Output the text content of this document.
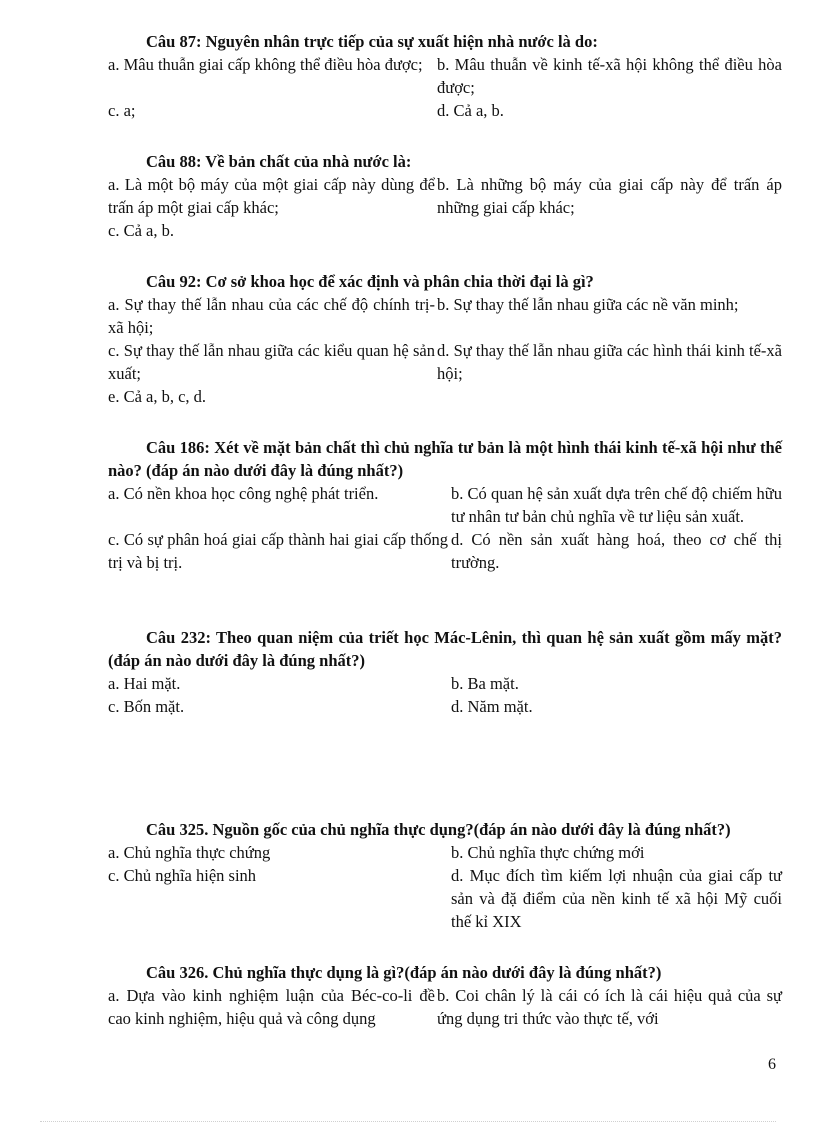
Câu 87: Nguyên nhân trực tiếp của sự xuất hiện nhà nước là do:
a. Mâu thuẫn giai cấp không thể điều hòa được; b. Mâu thuẫn về kinh tế-xã hội không thể điều hòa được;
c. a;	d. Cả a, b.
Câu 88: Về bản chất của nhà nước là:
a. Là một bộ máy của một giai cấp này dùng để trấn áp một giai cấp khác;
b. Là những bộ máy của giai cấp này để trấn áp những giai cấp khác;
c. Cả a, b.
Câu 92: Cơ sở khoa học để xác định và phân chia thời đại là gì?
a. Sự thay thế lẫn nhau của các chế độ chính trị-xã hội;
b. Sự thay thế lẫn nhau giữa các nề văn minh;
c. Sự thay thế lẫn nhau giữa các kiểu quan hệ sản xuất;
d. Sự thay thế lẫn nhau giữa các hình thái kinh tế-xã hội;
e. Cả a, b, c, d.
Câu 186: Xét về mặt bản chất thì chủ nghĩa tư bản là một hình thái kinh tế-xã hội như thế nào? (đáp án nào dưới đây là đúng nhất?)
a. Có nền khoa học công nghệ phát triển.	b. Có quan hệ sản xuất dựa trên chế độ chiếm hữu tư nhân tư bản chủ nghĩa về tư liệu sản xuất.
c. Có sự phân hoá giai cấp thành hai giai cấp thống trị và bị trị.
d. Có nền sản xuất hàng hoá, theo cơ chế thị trường.
Câu 232: Theo quan niệm của triết học Mác-Lênin, thì quan hệ sản xuất gồm mấy mặt? (đáp án nào dưới đây là đúng nhất?)
a. Hai mặt.	b. Ba mặt.
c. Bốn mặt.	d. Năm mặt.
Câu 325. Nguồn gốc của chủ nghĩa thực dụng?(đáp án nào dưới đây là đúng nhất?)
a. Chủ nghĩa thực chứng	b. Chủ nghĩa thực chứng mới
c. Chủ nghĩa hiện sinh	d. Mục đích tìm kiếm lợi nhuận của giai cấp tư sản và đặ điểm của nền kinh tế xã hội Mỹ cuối thế kỉ XIX
Câu 326. Chủ nghĩa thực dụng là gì?(đáp án nào dưới đây là đúng nhất?)
a. Dựa vào kinh nghiệm luận của Béc-co-li đề cao kinh nghiệm, hiệu quả và công dụng
b. Coi chân lý là cái có ích là cái hiệu quả của sự ứng dụng tri thức vào thực tế, với
6
